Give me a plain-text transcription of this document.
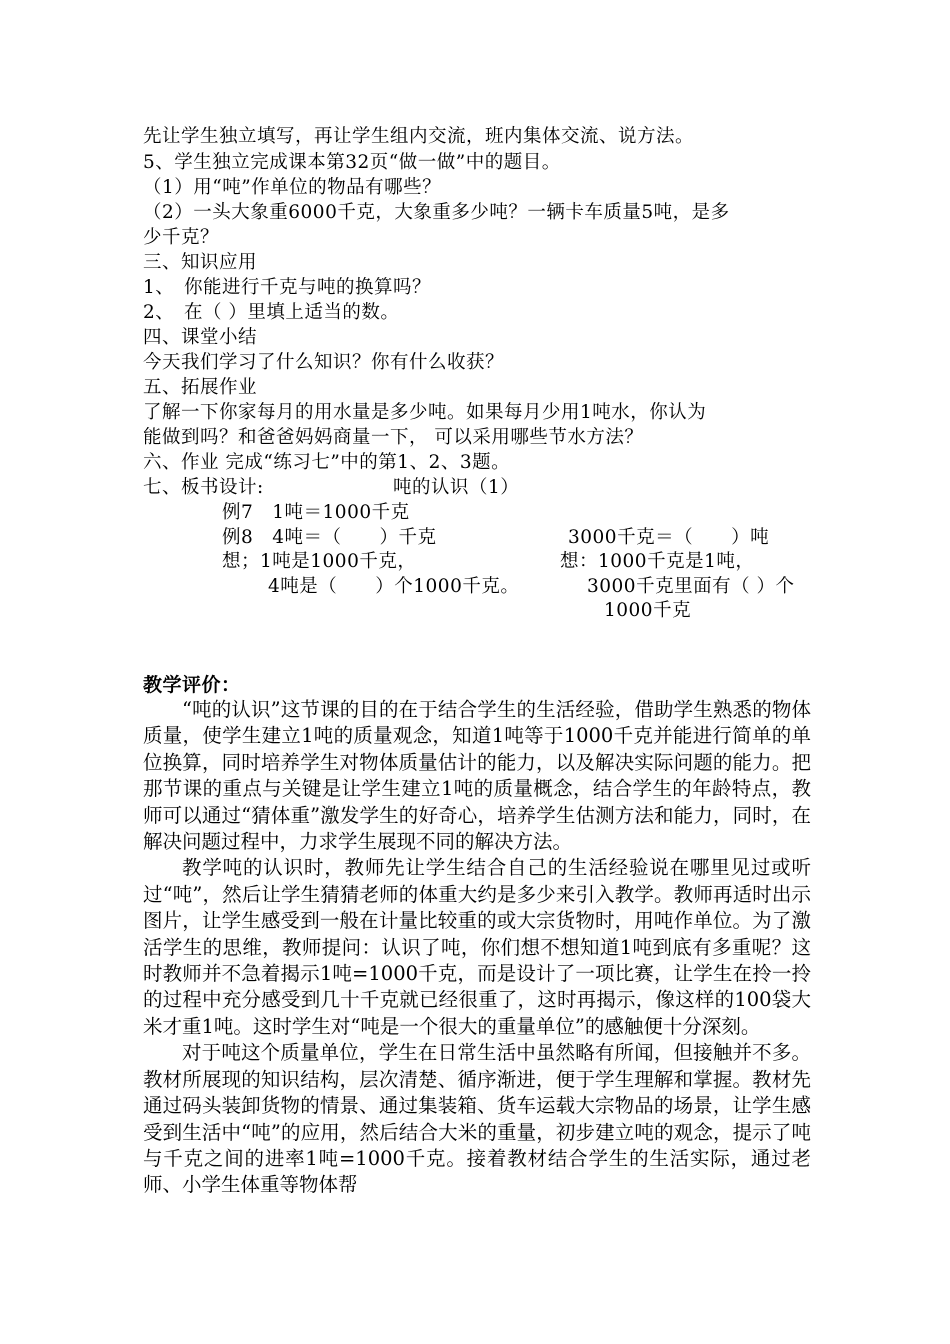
先让学生独立填写，再让学生组内交流，班内集体交流、说方法。
5、学生独立完成课本第32页“做一做”中的题目。
（1）用“吨”作单位的物品有哪些？
（2）一头大象重6000千克，大象重多少吨？一辆卡车质量5吨，是多
少千克？
三、知识应用
1、　你能进行千克与吨的换算吗？
2、　在（ ）里填上适当的数。
四、课堂小结
今天我们学习了什么知识？你有什么收获？
五、拓展作业
了解一下你家每月的用水量是多少吨。如果每月少用1吨水，你认为
能做到吗？和爸爸妈妈商量一下， 可以采用哪些节水方法？
六、作业 完成“练习七”中的第1、2、3题。
七、板书设计:	吨的认识（1）
例7　1吨＝1000千克
例8　4吨＝（　　）千克	3000千克＝（　　）吨
想；1吨是1000千克，	想：1000千克是1吨，
4吨是（　　）个1000千克。	3000千克里面有（ ）个
1000千克
教学评价：

“吨的认识”这节课的目的在于结合学生的生活经验，借助学生熟悉的物体质量，使学生建立1吨的质量观念，知道1吨等于1000千克并能进行简单的单位换算，同时培养学生对物体质量估计的能力，以及解决实际问题的能力。把那节课的重点与关键是让学生建立1吨的质量概念，结合学生的年龄特点，教师可以通过“猜体重”激发学生的好奇心，培养学生估测方法和能力，同时，在解决问题过程中，力求学生展现不同的解决方法。

教学吨的认识时，教师先让学生结合自己的生活经验说在哪里见过或听过“吨”，然后让学生猜猜老师的体重大约是多少来引入教学。教师再适时出示图片，让学生感受到一般在计量比较重的或大宗货物时，用吨作单位。为了激活学生的思维，教师提问：认识了吨，你们想不想知道1吨到底有多重呢？这时教师并不急着揭示1吨=1000千克，而是设计了一项比赛，让学生在拎一拎的过程中充分感受到几十千克就已经很重了，这时再揭示，像这样的100袋大米才重1吨。这时学生对“吨是一个很大的重量单位”的感触便十分深刻。

对于吨这个质量单位，学生在日常生活中虽然略有所闻，但接触并不多。教材所展现的知识结构，层次清楚、循序渐进，便于学生理解和掌握。教材先通过码头装卸货物的情景、通过集装箱、货车运载大宗物品的场景，让学生感受到生活中“吨”的应用，然后结合大米的重量，初步建立吨的观念，提示了吨与千克之间的进率1吨=1000千克。接着教材结合学生的生活实际，通过老师、小学生体重等物体帮
